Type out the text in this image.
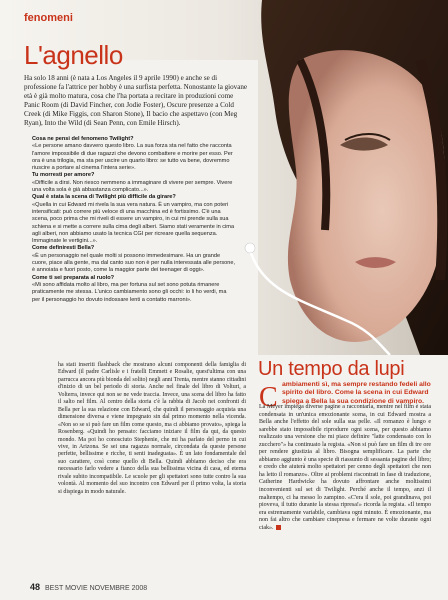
fenomeni
L'agnello
Ha solo 18 anni (è nata a Los Angeles il 9 aprile 1990) e anche se di professione fa l'attrice per hobby è una surfista perfetta. Nonostante la giovane età è già molto matura, cosa che l'ha portata a recitare in produzioni come Panic Room (di David Fincher, con Jodie Foster), Oscure presenze a Cold Creek (di Mike Figgis, con Sharon Stone), Il bacio che aspettavo (con Meg Ryan), Into the Wild (di Sean Penn, con Emile Hirsch).

Cosa ne pensi del fenomeno Twilight?

«Le persone amano davvero questo libro. La sua forza sta nel fatto che racconta l'amore impossibile di due ragazzi che devono combattere e morire per esso. Per ora è una trilogia, ma sta per uscire un quarto libro: se tutto va bene, dovremmo riuscire a portare al cinema l'intera serie».

Tu morresti per amore?

«Difficile a dirsi. Non riesco nemmeno a immaginare di vivere per sempre. Vivere una volta sola è già abbastanza complicato...».

Qual è stata la scena di Twilight più difficile da girare?

«Quella in cui Edward mi rivela la sua vera natura. È un vampiro, ma con poteri intensificati: può correre più veloce di una macchina ed è fortissimo. C'è una scena, poco prima che mi riveli di essere un vampiro, in cui mi prende sulla sua schiena e si mette a correre sulla cima degli alberi. Siamo stati veramente in cima agli alberi, non abbiamo usato la tecnica CGI per ricreare quella sequenza. Immaginate le vertigini...».

Come definiresti Bella?

«È un personaggio nel quale molti si possono immedesimare. Ha un grande cuore, piace alla gente, ma dal canto suo non è per nulla interessata alle persone, è annoiata e fuori posto, come la maggior parte dei teenager di oggi».

Come ti sei preparata al ruolo?

«Mi sono affidata molto al libro, ma per fortuna sul set sono potuta rimanere praticamente me stessa. L'unico cambiamento sono gli occhi: io li ho verdi, ma per il personaggio ho dovuto indossare lenti a contatto marroni».

ha stati inseriti flashback che mostrano alcuni componenti della famiglia di Edward (il padre Carlisle e i fratelli Emmett e Rosalie, quest'ultima con una parrucca ancora più bionda del solito) negli anni Trenta, mentre stanno cittadini d'inizio di un bel periodo di storia. Anche nel finale del libro di Volturi, a Volterra, invece qui non se ne vede traccia. Invece, una scena del libro ha fatto il salto nel film. Al centro della storia c'è la rabbia di Jacob nei confronti di Bella per la sua relazione con Edward, che quindi il personaggio acquista una dimensione diversa e viene impegnato sin dal primo momento nella vicenda. «Non so se si può fare un film come questo, ma ci abbiamo provato», spiega la Rosenberg. «Quindi ho pensato: facciamo iniziare il film da qui, da questo mondo. Ma poi ho conosciuto Stephenie, che mi ha parlato del perno in cui vive, in Arizona. Se sei una ragazza normale, circondata da queste persone perfette, bellissime e ricche, ti senti inadeguata». È un lato fondamentale del suo carattere, così come quello di Bella. Quindi abbiamo deciso che era necessario farlo vedere a fianco della sua bellissima vicina di casa, ed eterna rivale subito incompatibile. Le scuole per gli spettatori sono tutte contro la sua volontà. Al momento del suo incontro con Edward per il primo volta, la storia si dispiega in modo naturale.

Un tempo da lupi
C ambiamenti sì, ma sempre restando fedeli allo spirito del libro. Come la scena in cui Edward spiega a Bella la sua condizione di vampiro.

La Meyer impiega diverse pagine a raccontarla, mentre nel film è stata condensata in un'unica emozionante scena, in cui Edward mostra a Bella anche l'effetto del sole sulla sua pelle. «Il romanzo è lungo e sarebbe stato impossibile riprodurre ogni scena, per questo abbiamo realizzato una versione che mi piace definire "latte condensato con lo zucchero"» ha continuato la regista. «Non si può fare un film di tre ore per rendere giustizia al libro. Bisogna semplificare. La parte che abbiamo aggiunto è una specie di riassunto di sessanta pagine del libro; e credo che aiuterà molto spettatori per cenno degli spettatori che non ha letto il romanzo». Oltre ai problemi riscontrati in fase di traduzione, Catherine Hardwicke ha dovuto affrontare anche moltissimi inconvenienti sul set di Twilight. Perché anche il tempo, anzi il maltempo, ci ha messo lo zampino. «C'era il sole, poi grandinava, poi pioveva, il tutto durante la stessa ripresa!» ricorda la regista. «Il tempo era estremamente variabile, cambiava ogni minuto. È emozionante, ma non fai altro che cambiare cinepresa e fermare ne volte durante ogni ciak».

48 BEST MOVIE NOVEMBRE 2008
